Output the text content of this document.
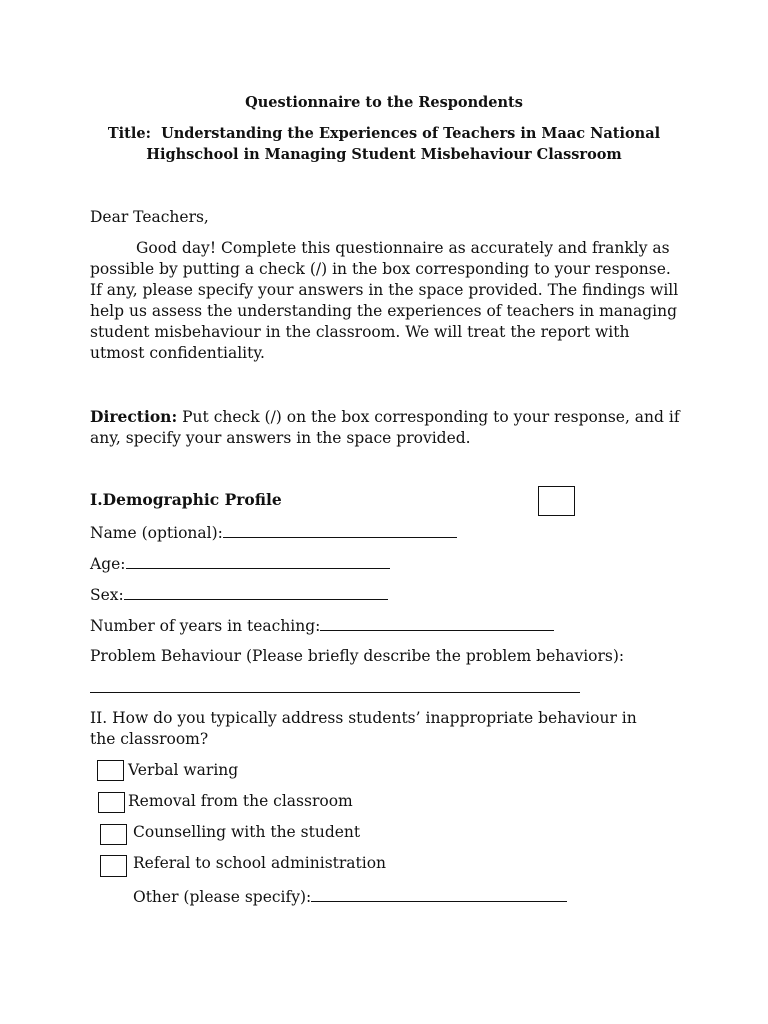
Questionnaire to the Respondents
Title: Understanding the Experiences of Teachers in Maac National
Highschool in Managing Student Misbehaviour Classroom
Dear Teachers,
Good day! Complete this questionnaire as accurately and frankly as possible by putting a check (/) in the box corresponding to your response. If any, please specify your answers in the space provided. The findings will help us assess the understanding the experiences of teachers in managing student misbehaviour in the classroom. We will treat the report with utmost confidentiality.
Direction: Put check (/) on the box corresponding to your response, and if any, specify your answers in the space provided.
I.Demographic Profile
Name (optional):
Age:
Sex:
Number of years in teaching:
Problem Behaviour (Please briefly describe the problem behaviors):
II. How do you typically address students’ inappropriate behaviour in the classroom?
Verbal waring
Removal from the classroom
Counselling with the student
Referal to school administration
Other (please specify):
